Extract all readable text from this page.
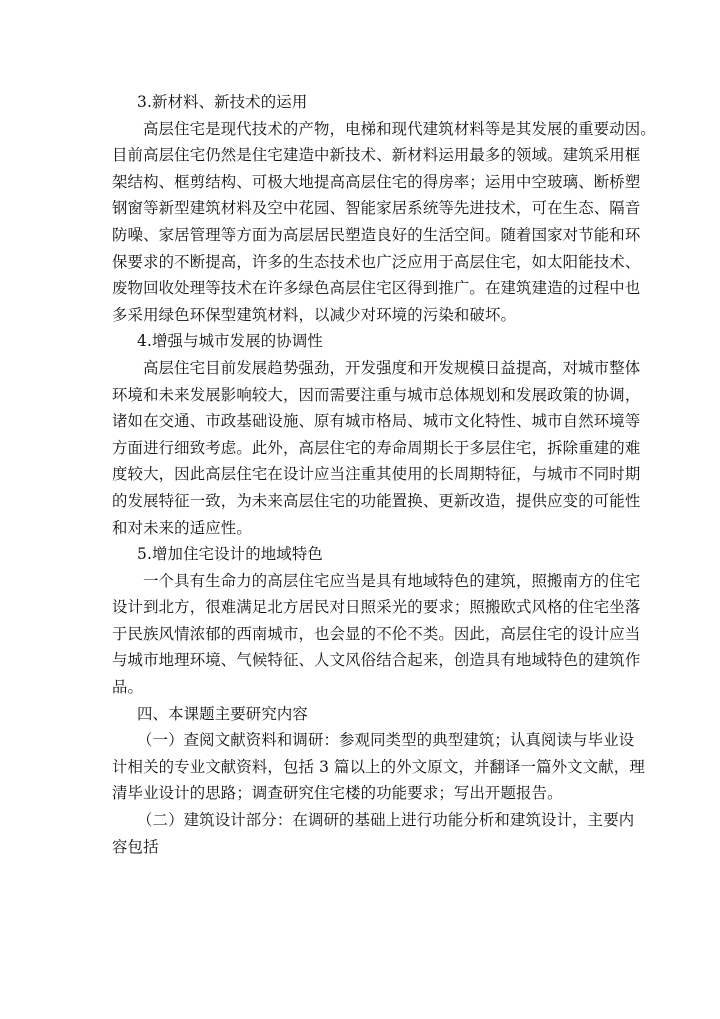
3.新材料、新技术的运用
高层住宅是现代技术的产物，电梯和现代建筑材料等是其发展的重要动因。
目前高层住宅仍然是住宅建造中新技术、新材料运用最多的领域。建筑采用框
架结构、框剪结构、可极大地提高高层住宅的得房率；运用中空玻璃、断桥塑
钢窗等新型建筑材料及空中花园、智能家居系统等先进技术，可在生态、隔音
防噪、家居管理等方面为高层居民塑造良好的生活空间。随着国家对节能和环
保要求的不断提高，许多的生态技术也广泛应用于高层住宅，如太阳能技术、
废物回收处理等技术在许多绿色高层住宅区得到推广。在建筑建造的过程中也
多采用绿色环保型建筑材料，以减少对环境的污染和破坏。
4.增强与城市发展的协调性
高层住宅目前发展趋势强劲，开发强度和开发规模日益提高，对城市整体
环境和未来发展影响较大，因而需要注重与城市总体规划和发展政策的协调，
诸如在交通、市政基础设施、原有城市格局、城市文化特性、城市自然环境等
方面进行细致考虑。此外，高层住宅的寿命周期长于多层住宅，拆除重建的难
度较大，因此高层住宅在设计应当注重其使用的长周期特征，与城市不同时期
的发展特征一致，为未来高层住宅的功能置换、更新改造，提供应变的可能性
和对未来的适应性。
5.增加住宅设计的地域特色
一个具有生命力的高层住宅应当是具有地域特色的建筑，照搬南方的住宅
设计到北方，很难满足北方居民对日照采光的要求；照搬欧式风格的住宅坐落
于民族风情浓郁的西南城市，也会显的不伦不类。因此，高层住宅的设计应当
与城市地理环境、气候特征、人文风俗结合起来，创造具有地域特色的建筑作
品。
四、本课题主要研究内容
（一）查阅文献资料和调研：参观同类型的典型建筑；认真阅读与毕业设
计相关的专业文献资料，包括 3 篇以上的外文原文，并翻译一篇外文文献，理
清毕业设计的思路；调查研究住宅楼的功能要求；写出开题报告。
（二）建筑设计部分：在调研的基础上进行功能分析和建筑设计，主要内
容包括
